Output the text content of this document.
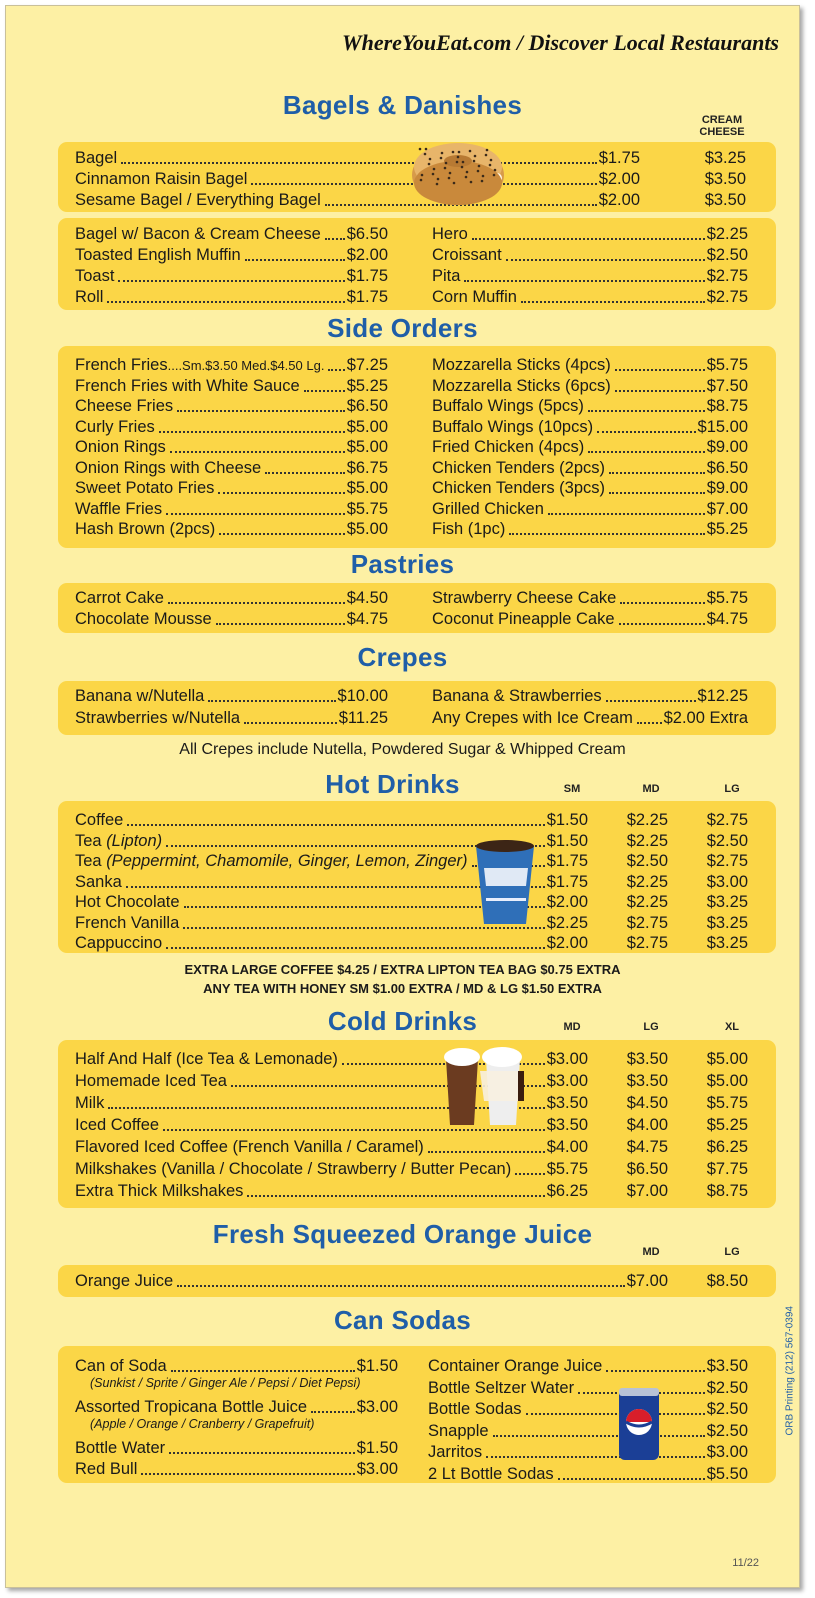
WhereYouEat.com / Discover Local Restaurants
Bagels & Danishes	CREAM CHEESE
Bagel	$1.75	$3.25
Cinnamon Raisin Bagel	$2.00	$3.50
Sesame Bagel / Everything Bagel	$2.00	$3.50
Bagel w/ Bacon & Cream Cheese $6.50
Toasted English Muffin	$2.00
Toast	$1.75
Roll	$1.75
Hero	$2.25
Croissant	$2.50
Pita	$2.75
Corn Muffin	$2.75
Side Orders
French Fries....Sm.$3.50 Med.$4.50 Lg. $7.25
French Fries with White Sauce	$5.25
Cheese Fries	$6.50
Curly Fries	$5.00
Onion Rings	$5.00
Onion Rings with Cheese	$6.75
Sweet Potato Fries	$5.00
Waffle Fries	$5.75
Hash Brown (2pcs)	$5.00
Mozzarella Sticks (4pcs)	$5.75
Mozzarella Sticks (6pcs)	$7.50
Buffalo Wings (5pcs)	$8.75
Buffalo Wings (10pcs)	$15.00
Fried Chicken (4pcs)	$9.00
Chicken Tenders (2pcs)	$6.50
Chicken Tenders (3pcs)	$9.00
Grilled Chicken	$7.00
Fish (1pc)	$5.25
Pastries
Carrot Cake	$4.50
Chocolate Mousse	$4.75
Strawberry Cheese Cake	$5.75
Coconut Pineapple Cake	$4.75
Crepes
Banana w/Nutella	$10.00
Strawberries w/Nutella	$11.25
Banana & Strawberries	$12.25
Any Crepes with Ice Cream $2.00 Extra
All Crepes include Nutella, Powdered Sugar & Whipped Cream
Hot Drinks	SM	MD	LG
Coffee	$1.50 $2.25 $2.75
Tea (Lipton)	$1.50 $2.25 $2.50
Tea (Peppermint, Chamomile, Ginger, Lemon, Zinger)	$1.75 $2.50 $2.75
Sanka	$1.75 $2.25 $3.00
Hot Chocolate	$2.00 $2.25 $3.25
French Vanilla	$2.25 $2.75 $3.25
Cappuccino	$2.00 $2.75 $3.25
EXTRA LARGE COFFEE $4.25 / EXTRA LIPTON TEA BAG $0.75 EXTRA
ANY TEA WITH HONEY SM $1.00 EXTRA / MD & LG $1.50 EXTRA
Cold Drinks	MD	LG	XL
Half And Half (Ice Tea & Lemonade)	$3.00 $3.50 $5.00
Homemade Iced Tea	$3.00 $3.50 $5.00
Milk	$3.50 $4.50 $5.75
Iced Coffee	$3.50 $4.00 $5.25
Flavored Iced Coffee (French Vanilla / Caramel)	$4.00 $4.75 $6.25
Milkshakes (Vanilla / Chocolate / Strawberry / Butter Pecan) $5.75 $6.50 $7.75
Extra Thick Milkshakes	$6.25 $7.00 $8.75
Fresh Squeezed Orange Juice
MD	LG
Orange Juice	$7.00 $8.50
Can Sodas
Can of Soda	$1.50
(Sunkist / Sprite / Ginger Ale / Pepsi / Diet Pepsi)
Assorted Tropicana Bottle Juice	$3.00
(Apple / Orange / Cranberry / Grapefruit)
Bottle Water	$1.50
Red Bull	$3.00
Container Orange Juice	$3.50
Bottle Seltzer Water	$2.50
Bottle Sodas	$2.50
Snapple	$2.50
Jarritos	$3.00
2 Lt Bottle Sodas	$5.50
11/22
ORB Printing (212) 567-0394
